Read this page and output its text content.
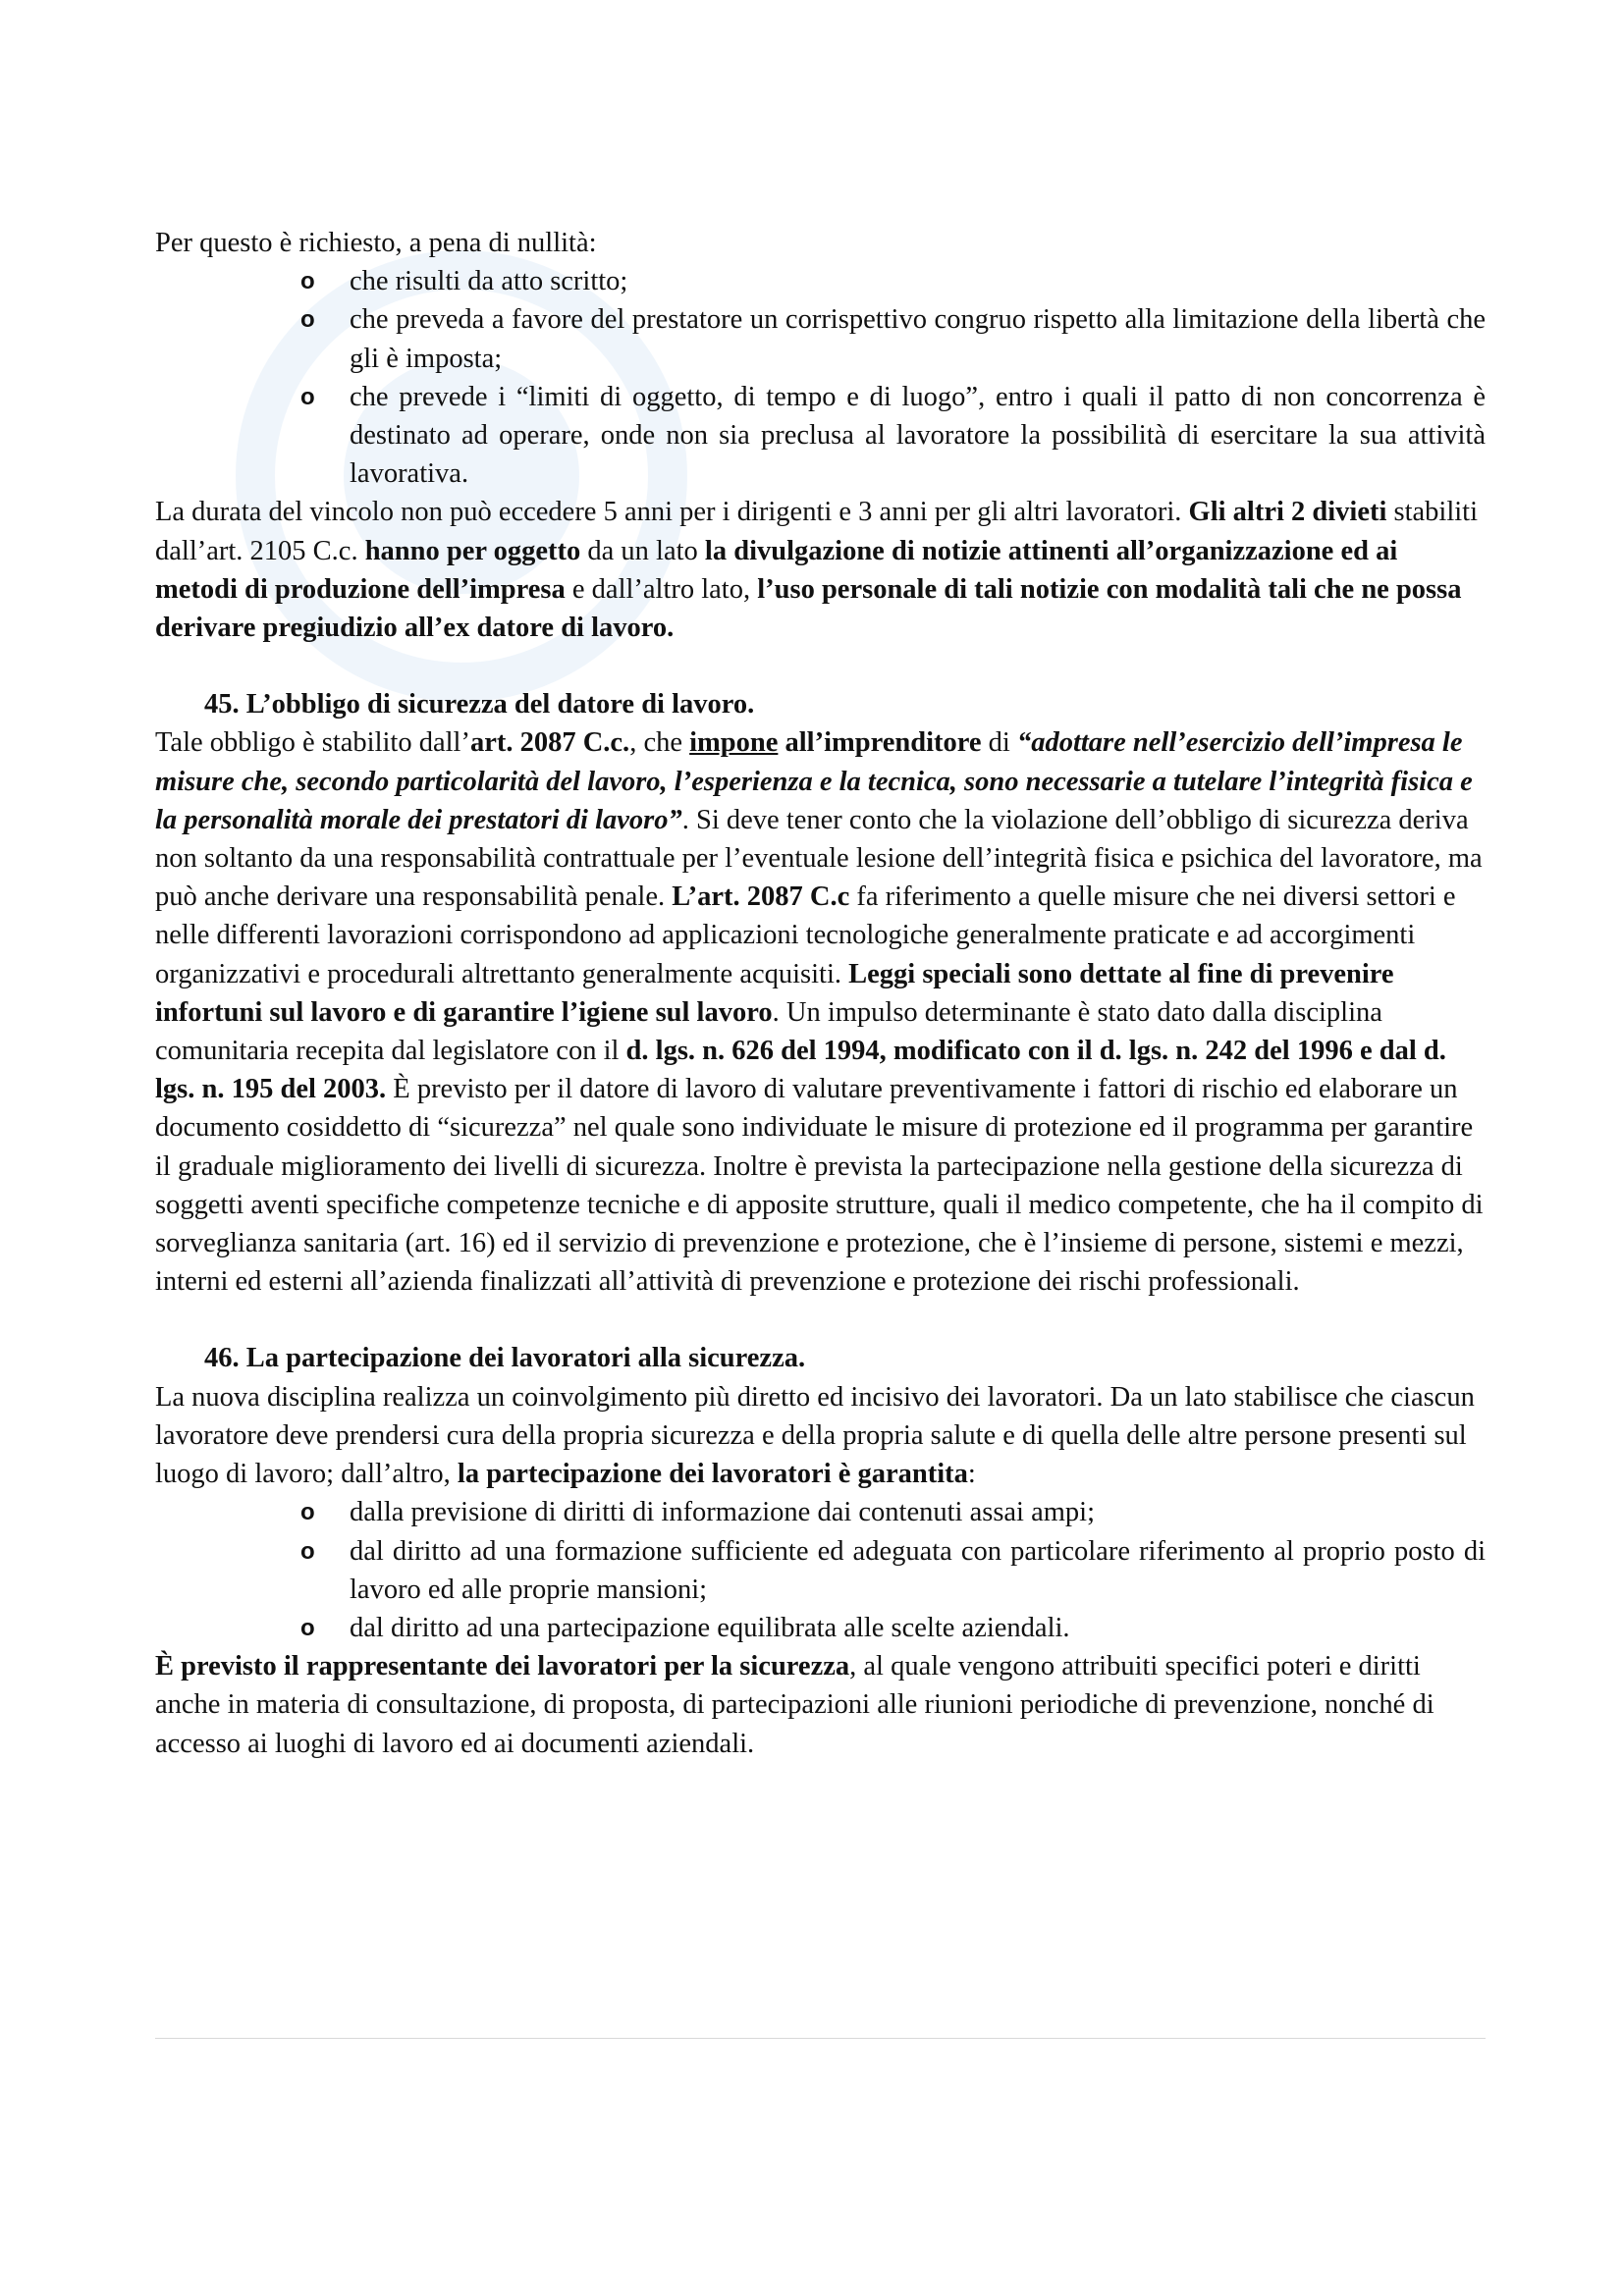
Per questo è richiesto, a pena di nullità:

o che risulti da atto scritto;
o che preveda a favore del prestatore un corrispettivo congruo rispetto alla limitazione della libertà che gli è imposta;
o che prevede i “limiti di oggetto, di tempo e di luogo”, entro i quali il patto di non concorrenza è destinato ad operare, onde non sia preclusa al lavoratore la possibilità di esercitare la sua attività lavorativa.

La durata del vincolo non può eccedere 5 anni per i dirigenti e 3 anni per gli altri lavoratori. Gli altri 2 divieti stabiliti dall’art. 2105 C.c. hanno per oggetto da un lato la divulgazione di notizie attinenti all’organizzazione ed ai metodi di produzione dell’impresa e dall’altro lato, l’uso personale di tali notizie con modalità tali che ne possa derivare pregiudizio all’ex datore di lavoro.

45. L’obbligo di sicurezza del datore di lavoro.

Tale obbligo è stabilito dall’art. 2087 C.c., che impone all’imprenditore di “adottare nell’esercizio dell’impresa le misure che, secondo particolarità del lavoro, l’esperienza e la tecnica, sono necessarie a tutelare l’integrità fisica e la personalità morale dei prestatori di lavoro”. Si deve tener conto che la violazione dell’obbligo di sicurezza deriva non soltanto da una responsabilità contrattuale per l’eventuale lesione dell’integrità fisica e psichica del lavoratore, ma può anche derivare una responsabilità penale. L’art. 2087 C.c fa riferimento a quelle misure che nei diversi settori e nelle differenti lavorazioni corrispondono ad applicazioni tecnologiche generalmente praticate e ad accorgimenti organizzativi e procedurali altrettanto generalmente acquisiti. Leggi speciali sono dettate al fine di prevenire infortuni sul lavoro e di garantire l’igiene sul lavoro. Un impulso determinante è stato dato dalla disciplina comunitaria recepita dal legislatore con il d. lgs. n. 626 del 1994, modificato con il d. lgs. n. 242 del 1996 e dal d. lgs. n. 195 del 2003. È previsto per il datore di lavoro di valutare preventivamente i fattori di rischio ed elaborare un documento cosiddetto di “sicurezza” nel quale sono individuate le misure di protezione ed il programma per garantire il graduale miglioramento dei livelli di sicurezza. Inoltre è prevista la partecipazione nella gestione della sicurezza di soggetti aventi specifiche competenze tecniche e di apposite strutture, quali il medico competente, che ha il compito di sorveglianza sanitaria (art. 16) ed il servizio di prevenzione e protezione, che è l’insieme di persone, sistemi e mezzi, interni ed esterni all’azienda finalizzati all’attività di prevenzione e protezione dei rischi professionali.

46. La partecipazione dei lavoratori alla sicurezza.

La nuova disciplina realizza un coinvolgimento più diretto ed incisivo dei lavoratori. Da un lato stabilisce che ciascun lavoratore deve prendersi cura della propria sicurezza e della propria salute e di quella delle altre persone presenti sul luogo di lavoro; dall’altro, la partecipazione dei lavoratori è garantita:

o dalla previsione di diritti di informazione dai contenuti assai ampi;
o dal diritto ad una formazione sufficiente ed adeguata con particolare riferimento al proprio posto di lavoro ed alle proprie mansioni;
o dal diritto ad una partecipazione equilibrata alle scelte aziendali.

È previsto il rappresentante dei lavoratori per la sicurezza, al quale vengono attribuiti specifici poteri e diritti anche in materia di consultazione, di proposta, di partecipazioni alle riunioni periodiche di prevenzione, nonché di accesso ai luoghi di lavoro ed ai documenti aziendali.
